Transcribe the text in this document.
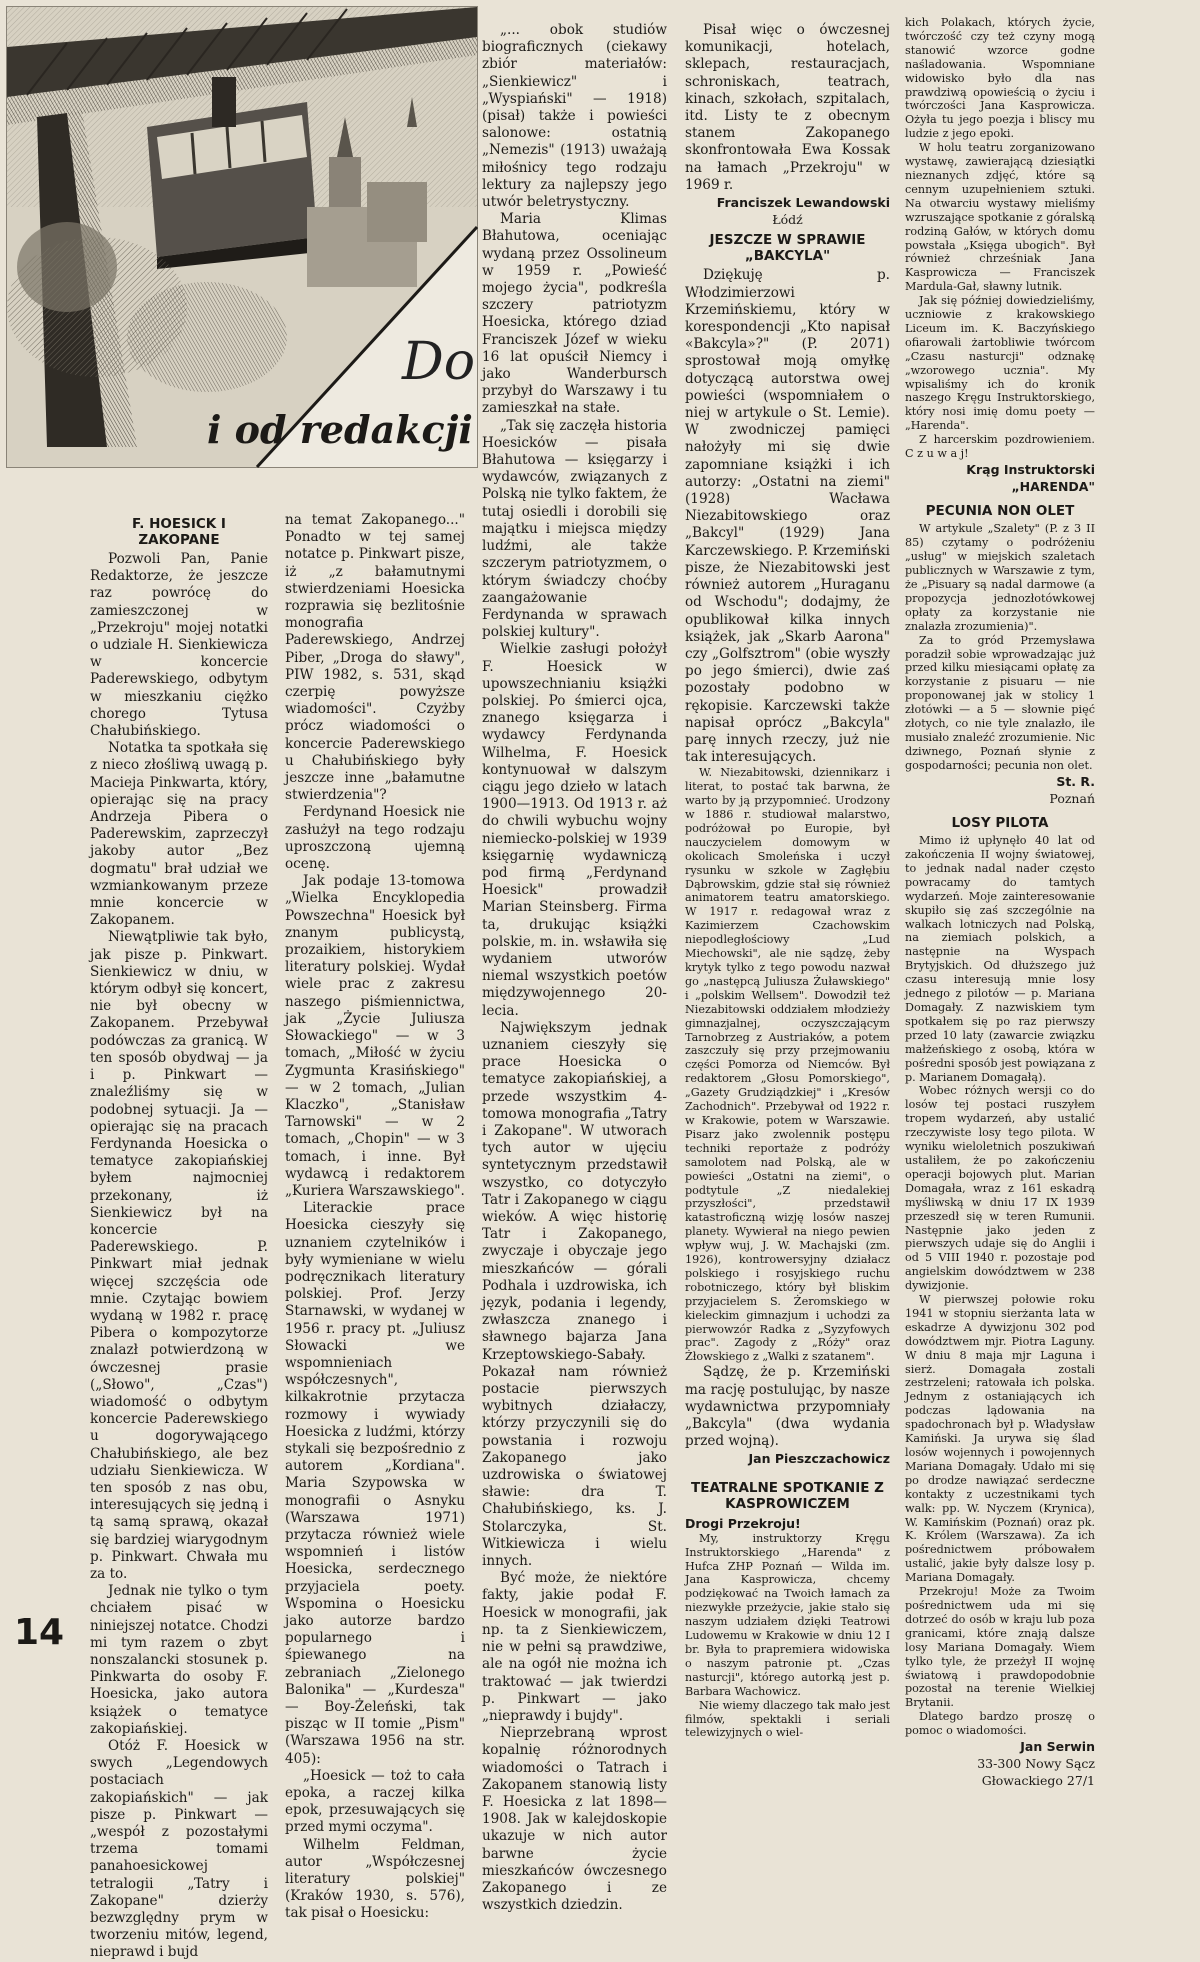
Do
i od redakcji
F. HOESICK I ZAKOPANE

Pozwoli Pan, Panie Redaktorze, że jeszcze raz powrócę do zamieszczonej w „Przekroju" mojej notatki o udziale H. Sienkiewicza w koncercie Paderewskiego, odbytym w mieszkaniu ciężko chorego Tytusa Chałubińskiego.

Notatka ta spotkała się z nieco złośliwą uwagą p. Macieja Pinkwarta, który, opierając się na pracy Andrzeja Pibera o Paderewskim, zaprzeczył jakoby autor „Bez dogmatu" brał udział we wzmiankowanym przeze mnie koncercie w Zakopanem.

Niewątpliwie tak było, jak pisze p. Pinkwart. Sienkiewicz w dniu, w którym odbył się koncert, nie był obecny w Zakopanem. Przebywał podówczas za granicą. W ten sposób obydwaj — ja i p. Pinkwart — znaleźliśmy się w podobnej sytuacji. Ja — opierając się na pracach Ferdynanda Hoesicka o tematyce zakopiańskiej byłem najmocniej przekonany, iż Sienkiewicz był na koncercie Paderewskiego. P. Pinkwart miał jednak więcej szczęścia ode mnie. Czytając bowiem wydaną w 1982 r. pracę Pibera o kompozytorze znalazł potwierdzoną w ówczesnej prasie („Słowo", „Czas") wiadomość o odbytym koncercie Paderewskiego u dogorywającego Chałubińskiego, ale bez udziału Sienkiewicza. W ten sposób z nas obu, interesujących się jedną i tą samą sprawą, okazał się bardziej wiarygodnym p. Pinkwart. Chwała mu za to.

Jednak nie tylko o tym chciałem pisać w niniejszej notatce. Chodzi mi tym razem o zbyt nonszalancki stosunek p. Pinkwarta do osoby F. Hoesicka, jako autora książek o tematyce zakopiańskiej.

Otóż F. Hoesick w swych „Legendowych postaciach zakopiańskich" — jak pisze p. Pinkwart — „wespół z pozostałymi trzema tomami panahoesickowej tetralogii „Tatry i Zakopane" dzierży bezwzględny prym w tworzeniu mitów, legend, nieprawd i bujd

na temat Zakopanego..." Ponadto w tej samej notatce p. Pinkwart pisze, iż „z bałamutnymi stwierdzeniami Hoesicka rozprawia się bezlitośnie monografia Paderewskiego, Andrzej Piber, „Droga do sławy", PIW 1982, s. 531, skąd czerpię powyższe wiadomości". Czyżby prócz wiadomości o koncercie Paderewskiego u Chałubińskiego były jeszcze inne „bałamutne stwierdzenia"?

Ferdynand Hoesick nie zasłużył na tego rodzaju uproszczoną ujemną ocenę.

Jak podaje 13-tomowa „Wielka Encyklopedia Powszechna" Hoesick był znanym publicystą, prozaikiem, historykiem literatury polskiej. Wydał wiele prac z zakresu naszego piśmiennictwa, jak „Życie Juliusza Słowackiego" — w 3 tomach, „Miłość w życiu Zygmunta Krasińskiego" — w 2 tomach, „Julian Klaczko", „Stanisław Tarnowski" — w 2 tomach, „Chopin" — w 3 tomach, i inne. Był wydawcą i redaktorem „Kuriera Warszawskiego".

Literackie prace Hoesicka cieszyły się uznaniem czytelników i były wymieniane w wielu podręcznikach literatury polskiej. Prof. Jerzy Starnawski, w wydanej w 1956 r. pracy pt. „Juliusz Słowacki we wspomnieniach współczesnych", kilkakrotnie przytacza rozmowy i wywiady Hoesicka z ludźmi, którzy stykali się bezpośrednio z autorem „Kordiana". Maria Szypowska w monografii o Asnyku (Warszawa 1971) przytacza również wiele wspomnień i listów Hoesicka, serdecznego przyjaciela poety. Wspomina o Hoesicku jako autorze bardzo popularnego i śpiewanego na zebraniach „Zielonego Balonika" — „Kurdesza" — Boy-Żeleński, tak pisząc w II tomie „Pism" (Warszawa 1956 na str. 405):

„Hoesick — toż to cała epoka, a raczej kilka epok, przesuwających się przed mymi oczyma".

Wilhelm Feldman, autor „Współczesnej literatury polskiej" (Kraków 1930, s. 576), tak pisał o Hoesicku:

„... obok studiów biograficznych (ciekawy zbiór materiałów: „Sienkiewicz" i „Wyspiański" — 1918) (pisał) także i powieści salonowe: ostatnią „Nemezis" (1913) uważają miłośnicy tego rodzaju lektury za najlepszy jego utwór beletrystyczny.

Maria Klimas Błahutowa, oceniając wydaną przez Ossolineum w 1959 r. „Powieść mojego życia", podkreśla szczery patriotyzm Hoesicka, którego dziad Franciszek Józef w wieku 16 lat opuścił Niemcy i jako Wanderbursch przybył do Warszawy i tu zamieszkał na stałe.

„Tak się zaczęła historia Hoesicków — pisała Błahutowa — księgarzy i wydawców, związanych z Polską nie tylko faktem, że tutaj osiedli i dorobili się majątku i miejsca między ludźmi, ale także szczerym patriotyzmem, o którym świadczy choćby zaangażowanie Ferdynanda w sprawach polskiej kultury".

Wielkie zasługi położył F. Hoesick w upowszechnianiu książki polskiej. Po śmierci ojca, znanego księgarza i wydawcy Ferdynanda Wilhelma, F. Hoesick kontynuował w dalszym ciągu jego dzieło w latach 1900—1913. Od 1913 r. aż do chwili wybuchu wojny niemiecko-polskiej w 1939 księgarnię wydawniczą pod firmą „Ferdynand Hoesick" prowadził Marian Steinsberg. Firma ta, drukując książki polskie, m. in. wsławiła się wydaniem utworów niemal wszystkich poetów międzywojennego 20-lecia.

Największym jednak uznaniem cieszyły się prace Hoesicka o tematyce zakopiańskiej, a przede wszystkim 4-tomowa monografia „Tatry i Zakopane". W utworach tych autor w ujęciu syntetycznym przedstawił wszystko, co dotyczyło Tatr i Zakopanego w ciągu wieków. A więc historię Tatr i Zakopanego, zwyczaje i obyczaje jego mieszkańców — górali Podhala i uzdrowiska, ich język, podania i legendy, zwłaszcza znanego i sławnego bajarza Jana Krzeptowskiego-Sabały. Pokazał nam również postacie pierwszych wybitnych działaczy, którzy przyczynili się do powstania i rozwoju Zakopanego jako uzdrowiska o światowej sławie: dra T. Chałubińskiego, ks. J. Stolarczyka, St. Witkiewicza i wielu innych.

Być może, że niektóre fakty, jakie podał F. Hoesick w monografii, jak np. ta z Sienkiewiczem, nie w pełni są prawdziwe, ale na ogół nie można ich traktować — jak twierdzi p. Pinkwart — jako „nieprawdy i bujdy".

Nieprzebraną wprost kopalnię różnorodnych wiadomości o Tatrach i Zakopanem stanowią listy F. Hoesicka z lat 1898—1908. Jak w kalejdoskopie ukazuje w nich autor barwne życie mieszkańców ówczesnego Zakopanego i ze wszystkich dziedzin.

Pisał więc o ówczesnej komunikacji, hotelach, sklepach, restauracjach, schroniskach, teatrach, kinach, szkołach, szpitalach, itd. Listy te z obecnym stanem Zakopanego skonfrontowała Ewa Kossak na łamach „Przekroju" w 1969 r.

Franciszek Lewandowski
Łódź
JESZCZE W SPRAWIE „BAKCYLA"

Dziękuję p. Włodzimierzowi Krzemińskiemu, który w korespondencji „Kto napisał «Bakcyla»?" (P. 2071) sprostował moją omyłkę dotyczącą autorstwa owej powieści (wspomniałem o niej w artykule o St. Lemie). W zwodniczej pamięci nałożyły mi się dwie zapomniane książki i ich autorzy: „Ostatni na ziemi" (1928) Wacława Niezabitowskiego oraz „Bakcyl" (1929) Jana Karczewskiego. P. Krzemiński pisze, że Niezabitowski jest również autorem „Huraganu od Wschodu"; dodajmy, że opublikował kilka innych książek, jak „Skarb Aarona" czy „Golfsztrom" (obie wyszły po jego śmierci), dwie zaś pozostały podobno w rękopisie. Karczewski także napisał oprócz „Bakcyla" parę innych rzeczy, już nie tak interesujących.

W. Niezabitowski, dziennikarz i literat, to postać tak barwna, że warto by ją przypomnieć. Urodzony w 1886 r. studiował malarstwo, podróżował po Europie, był nauczycielem domowym w okolicach Smoleńska i uczył rysunku w szkole w Zagłębiu Dąbrowskim, gdzie stał się również animatorem teatru amatorskiego. W 1917 r. redagował wraz z Kazimierzem Czachowskim niepodległościowy „Lud Miechowski", ale nie sądzę, żeby krytyk tylko z tego powodu nazwał go „następcą Juliusza Żuławskiego" i „polskim Wellsem". Dowodził też Niezabitowski oddziałem młodzieży gimnazjalnej, oczyszczającym Tarnobrzeg z Austriaków, a potem zaszczuły się przy przejmowaniu części Pomorza od Niemców. Był redaktorem „Głosu Pomorskiego", „Gazety Grudziądzkiej" i „Kresów Zachodnich". Przebywał od 1922 r. w Krakowie, potem w Warszawie. Pisarz jako zwolennik postępu techniki reportaże z podróży samolotem nad Polską, ale w powieści „Ostatni na ziemi", o podtytule „Z niedalekiej przyszłości", przedstawił katastroficzną wizję losów naszej planety. Wywierał na niego pewien wpływ wuj, J. W. Machajski (zm. 1926), kontrowersyjny działacz polskiego i rosyjskiego ruchu robotniczego, który był bliskim przyjacielem S. Żeromskiego w kieleckim gimnazjum i uchodzi za pierwowzór Radka z „Syzyfowych prac". Zagody z „Róży" oraz Żłowskiego z „Walki z szatanem".

Sądzę, że p. Krzemiński ma rację postulując, by nasze wydawnictwa przypomniały „Bakcyla" (dwa wydania przed wojną).

Jan Pieszczachowicz
TEATRALNE SPOTKANIE Z KASPROWICZEM
Drogi Przekroju!

My, instruktorzy Kręgu Instruktorskiego „Harenda" z Hufca ZHP Poznań — Wilda im. Jana Kasprowicza, chcemy podziękować na Twoich łamach za niezwykłe przeżycie, jakie stało się naszym udziałem dzięki Teatrowi Ludowemu w Krakowie w dniu 12 I br. Była to prapremiera widowiska o naszym patronie pt. „Czas nasturcji", którego autorką jest p. Barbara Wachowicz.

Nie wiemy dlaczego tak mało jest filmów, spektakli i seriali telewizyjnych o wiel-

kich Polakach, których życie, twórczość czy też czyny mogą stanowić wzorce godne naśladowania. Wspomniane widowisko było dla nas prawdziwą opowieścią o życiu i twórczości Jana Kasprowicza. Ożyła tu jego poezja i bliscy mu ludzie z jego epoki.

W holu teatru zorganizowano wystawę, zawierającą dziesiątki nieznanych zdjęć, które są cennym uzupełnieniem sztuki. Na otwarciu wystawy mieliśmy wzruszające spotkanie z góralską rodziną Gałów, w których domu powstała „Księga ubogich". Był również chrześniak Jana Kasprowicza — Franciszek Mardula-Gał, sławny lutnik.

Jak się później dowiedzieliśmy, uczniowie z krakowskiego Liceum im. K. Baczyńskiego ofiarowali żartobliwie twórcom „Czasu nasturcji" odznakę „wzorowego ucznia". My wpisaliśmy ich do kronik naszego Kręgu Instruktorskiego, który nosi imię domu poety — „Harenda".

Z harcerskim pozdrowieniem. C z u w a j!

Krąg Instruktorski „HARENDA"
PECUNIA NON OLET

W artykule „Szalety" (P. z 3 II 85) czytamy o podróżeniu „usług" w miejskich szaletach publicznych w Warszawie z tym, że „Pisuary są nadal darmowe (a propozycja jednozłotówkowej opłaty za korzystanie nie znalazła zrozumienia)".

Za to gród Przemysława poradził sobie wprowadzając już przed kilku miesiącami opłatę za korzystanie z pisuaru — nie proponowanej jak w stolicy 1 złotówki — a 5 — słownie pięć złotych, co nie tyle znalazło, ile musiało znaleźć zrozumienie. Nic dziwnego, Poznań słynie z gospodarności; pecunia non olet.

St. R.
Poznań
LOSY PILOTA

Mimo iż upłynęło 40 lat od zakończenia II wojny światowej, to jednak nadal nader często powracamy do tamtych wydarzeń. Moje zainteresowanie skupiło się zaś szczególnie na walkach lotniczych nad Polską, na ziemiach polskich, a następnie na Wyspach Brytyjskich. Od dłuższego już czasu interesują mnie losy jednego z pilotów — p. Mariana Domagały. Z nazwiskiem tym spotkałem się po raz pierwszy przed 10 laty (zawarcie związku małżeńskiego z osobą, która w pośredni sposób jest powiązana z p. Marianem Domagałą).

Wobec różnych wersji co do losów tej postaci ruszyłem tropem wydarzeń, aby ustalić rzeczywiste losy tego pilota. W wyniku wieloletnich poszukiwań ustaliłem, że po zakończeniu operacji bojowych plut. Marian Domagała, wraz z 161 eskadrą myśliwską w dniu 17 IX 1939 przeszedł się w teren Rumunii. Następnie jako jeden z pierwszych udaje się do Anglii i od 5 VIII 1940 r. pozostaje pod angielskim dowództwem w 238 dywizjonie.

W pierwszej połowie roku 1941 w stopniu sierżanta lata w eskadrze A dywizjonu 302 pod dowództwem mjr. Piotra Laguny. W dniu 8 maja mjr Laguna i sierż. Domagała zostali zestrzeleni; ratowała ich polska. Jednym z ostaniających ich podczas lądowania na spadochronach był p. Władysław Kamiński. Ja urywa się ślad losów wojennych i powojennych Mariana Domagały. Udało mi się po drodze nawiązać serdeczne kontakty z uczestnikami tych walk: pp. W. Nyczem (Krynica), W. Kamińskim (Poznań) oraz pk. K. Królem (Warszawa). Za ich pośrednictwem próbowałem ustalić, jakie były dalsze losy p. Mariana Domagały.

Przekroju! Może za Twoim pośrednictwem uda mi się dotrzeć do osób w kraju lub poza granicami, które znają dalsze losy Mariana Domagały. Wiem tylko tyle, że przeżył II wojnę światową i prawdopodobnie pozostał na terenie Wielkiej Brytanii.

Dlatego bardzo proszę o pomoc o wiadomości.

Jan Serwin
33-300 Nowy Sącz Głowackiego 27/1
14
